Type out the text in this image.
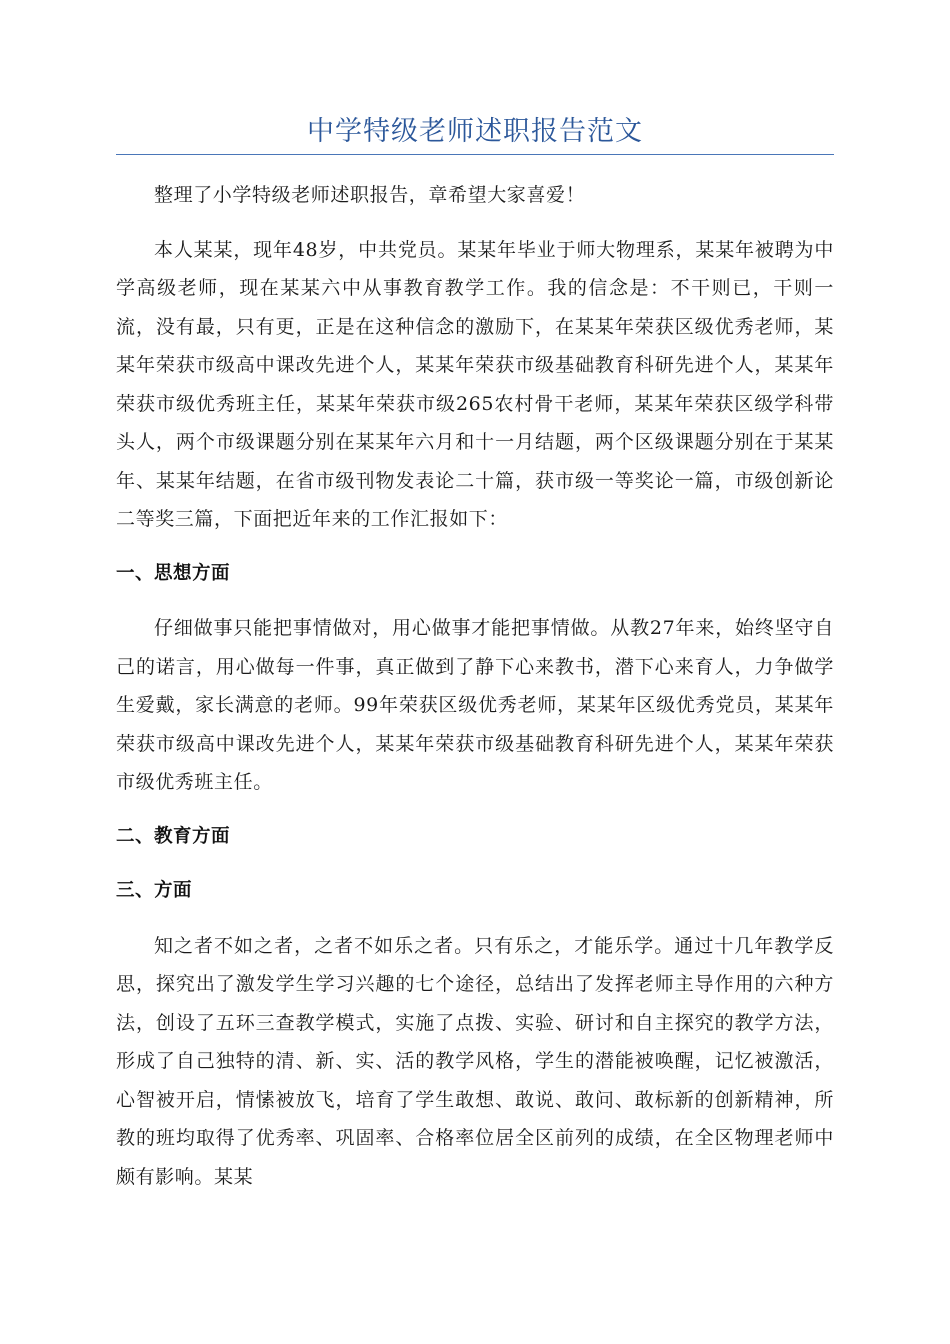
中学特级老师述职报告范文

整理了小学特级老师述职报告，章希望大家喜爱！

本人某某，现年48岁，中共党员。某某年毕业于师大物理系，某某年被聘为中学高级老师，现在某某六中从事教育教学工作。我的信念是：不干则已，干则一流，没有最，只有更，正是在这种信念的激励下，在某某年荣获区级优秀老师，某某年荣获市级高中课改先进个人，某某年荣获市级基础教育科研先进个人，某某年荣获市级优秀班主任，某某年荣获市级265农村骨干老师，某某年荣获区级学科带头人，两个市级课题分别在某某年六月和十一月结题，两个区级课题分别在于某某年、某某年结题，在省市级刊物发表论二十篇，获市级一等奖论一篇，市级创新论二等奖三篇，下面把近年来的工作汇报如下：

一、思想方面

仔细做事只能把事情做对，用心做事才能把事情做。从教27年来，始终坚守自己的诺言，用心做每一件事，真正做到了静下心来教书，潜下心来育人，力争做学生爱戴，家长满意的老师。99年荣获区级优秀老师，某某年区级优秀党员，某某年荣获市级高中课改先进个人，某某年荣获市级基础教育科研先进个人，某某年荣获市级优秀班主任。

二、教育方面
三、方面

知之者不如之者，之者不如乐之者。只有乐之，才能乐学。通过十几年教学反思，探究出了激发学生学习兴趣的七个途径，总结出了发挥老师主导作用的六种方法，创设了五环三查教学模式，实施了点拨、实验、研讨和自主探究的教学方法，形成了自己独特的清、新、实、活的教学风格，学生的潜能被唤醒，记忆被激活，心智被开启，情愫被放飞，培育了学生敢想、敢说、敢问、敢标新的创新精神，所教的班均取得了优秀率、巩固率、合格率位居全区前列的成绩，在全区物理老师中颇有影响。某某
